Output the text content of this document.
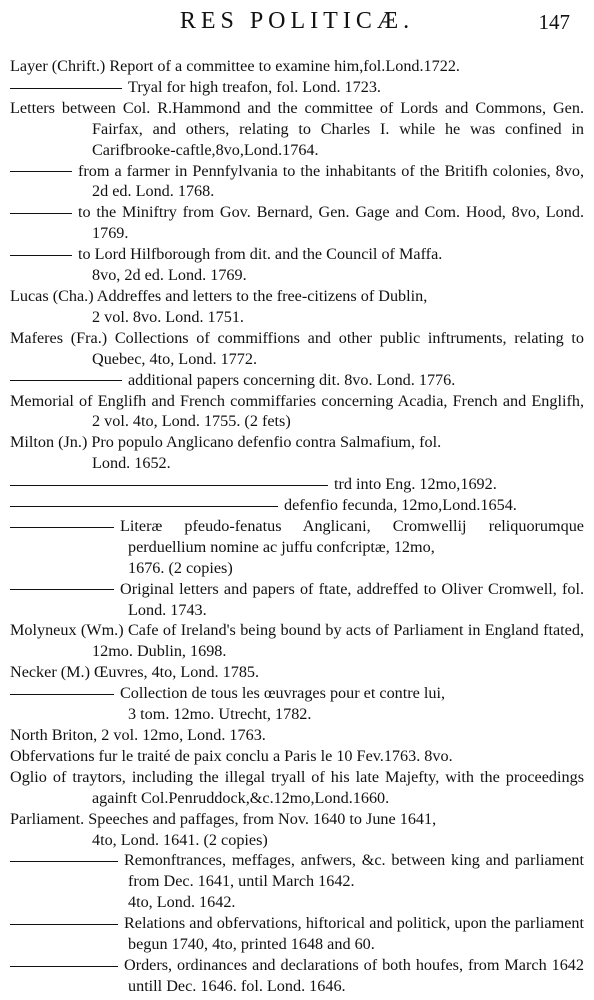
RES POLITICÆ.	147
Layer (Chrift.) Report of a committee to examine him,fol.Lond.1722.
Tryal for high treafon, fol. Lond. 1723.
Letters between Col. R.Hammond and the committee of Lords and Commons, Gen. Fairfax, and others, relating to Charles I. while he was confined in Carifbrooke-caftle,8vo,Lond.1764.
from a farmer in Pennfylvania to the inhabitants of the Britifh colonies, 8vo, 2d ed. Lond. 1768.
to the Miniftry from Gov. Bernard, Gen. Gage and Com. Hood, 8vo, Lond. 1769.
to Lord Hilfborough from dit. and the Council of Maffa.
8vo, 2d ed. Lond. 1769.
Lucas (Cha.) Addreffes and letters to the free-citizens of Dublin,
2 vol. 8vo. Lond. 1751.
Maferes (Fra.) Collections of commiffions and other public inftruments, relating to Quebec, 4to, Lond. 1772.
additional papers concerning dit. 8vo. Lond. 1776.
Memorial of Englifh and French commiffaries concerning Acadia, French and Englifh, 2 vol. 4to, Lond. 1755. (2 fets)
Milton (Jn.) Pro populo Anglicano defenfio contra Salmafium, fol.
Lond. 1652.
trd into Eng. 12mo,1692.
defenfio fecunda, 12mo,Lond.1654.
Literæ pfeudo-fenatus Anglicani, Cromwellij reliquorumque perduellium nomine ac juffu confcriptæ, 12mo,
1676. (2 copies)
Original letters and papers of ftate, addreffed to Oliver Cromwell, fol. Lond. 1743.
Molyneux (Wm.) Cafe of Ireland's being bound by acts of Parliament in England ftated, 12mo. Dublin, 1698.
Necker (M.) Œuvres, 4to, Lond. 1785.
Collection de tous les œuvrages pour et contre lui,
3 tom. 12mo. Utrecht, 1782.
North Briton, 2 vol. 12mo, Lond. 1763.
Obfervations fur le traité de paix conclu a Paris le 10 Fev.1763. 8vo.
Oglio of traytors, including the illegal tryall of his late Majefty, with the proceedings againft Col.Penruddock,&c.12mo,Lond.1660.
Parliament. Speeches and paffages, from Nov. 1640 to June 1641,
4to, Lond. 1641. (2 copies)
Remonftrances, meffages, anfwers, &c. between king and parliament from Dec. 1641, until March 1642.
4to, Lond. 1642.
Relations and obfervations, hiftorical and politick, upon the parliament begun 1740, 4to, printed 1648 and 60.
Orders, ordinances and declarations of both houfes, from March 1642 untill Dec. 1646. fol. Lond. 1646.
